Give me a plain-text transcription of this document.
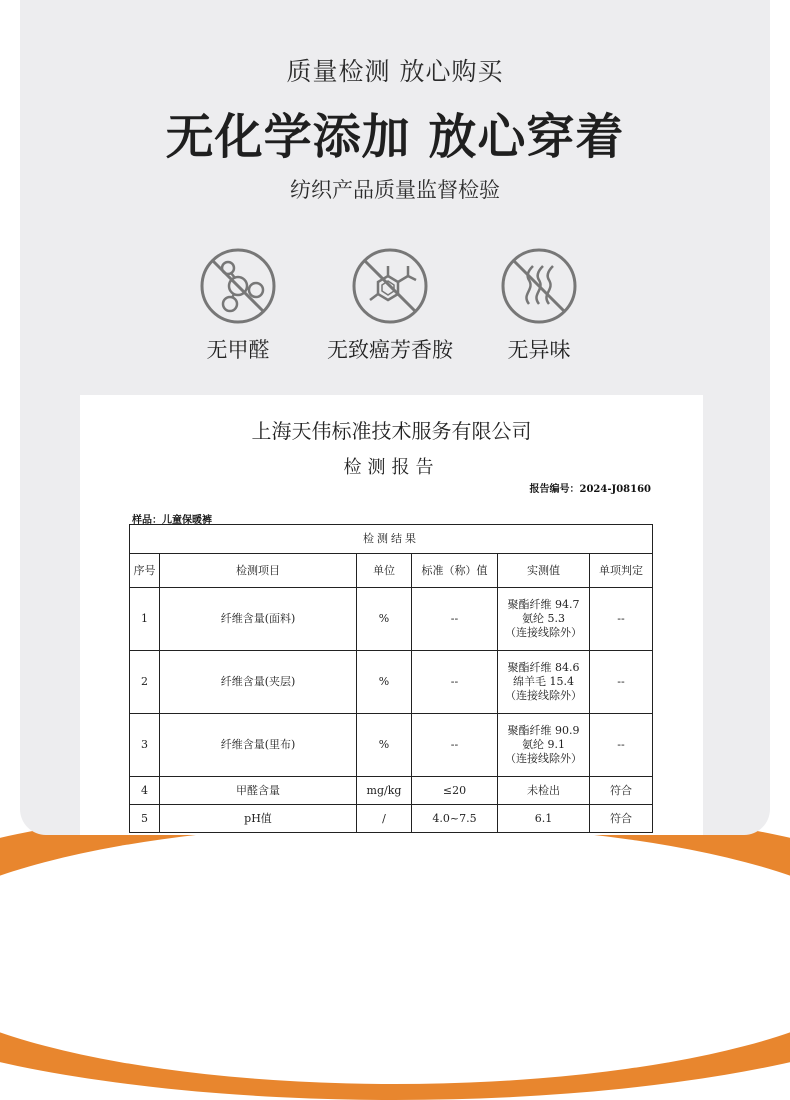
质量检测 放心购买
无化学添加 放心穿着
纺织产品质量监督检验
无甲醛	无致癌芳香胺	无异味
上海天伟标准技术服务有限公司
检测报告
报告编号：2024-J08160
样品：儿童保暖裤
检测结果					
序号	检测项目	单位	标准（称）值	实测值	单项判定
1	纤维含量(面料)	%	--	聚酯纤维 94.7
氨纶 5.3
（连接线除外）	--
2	纤维含量(夹层)	%	--	聚酯纤维 84.6
绵羊毛 15.4
（连接线除外）	--
3	纤维含量(里布)	%	--	聚酯纤维 90.9
氨纶 9.1
（连接线除外）	--
4	甲醛含量	mg/kg	≤20	未检出	符合
5	pH值	/	4.0~7.5	6.1	符合
